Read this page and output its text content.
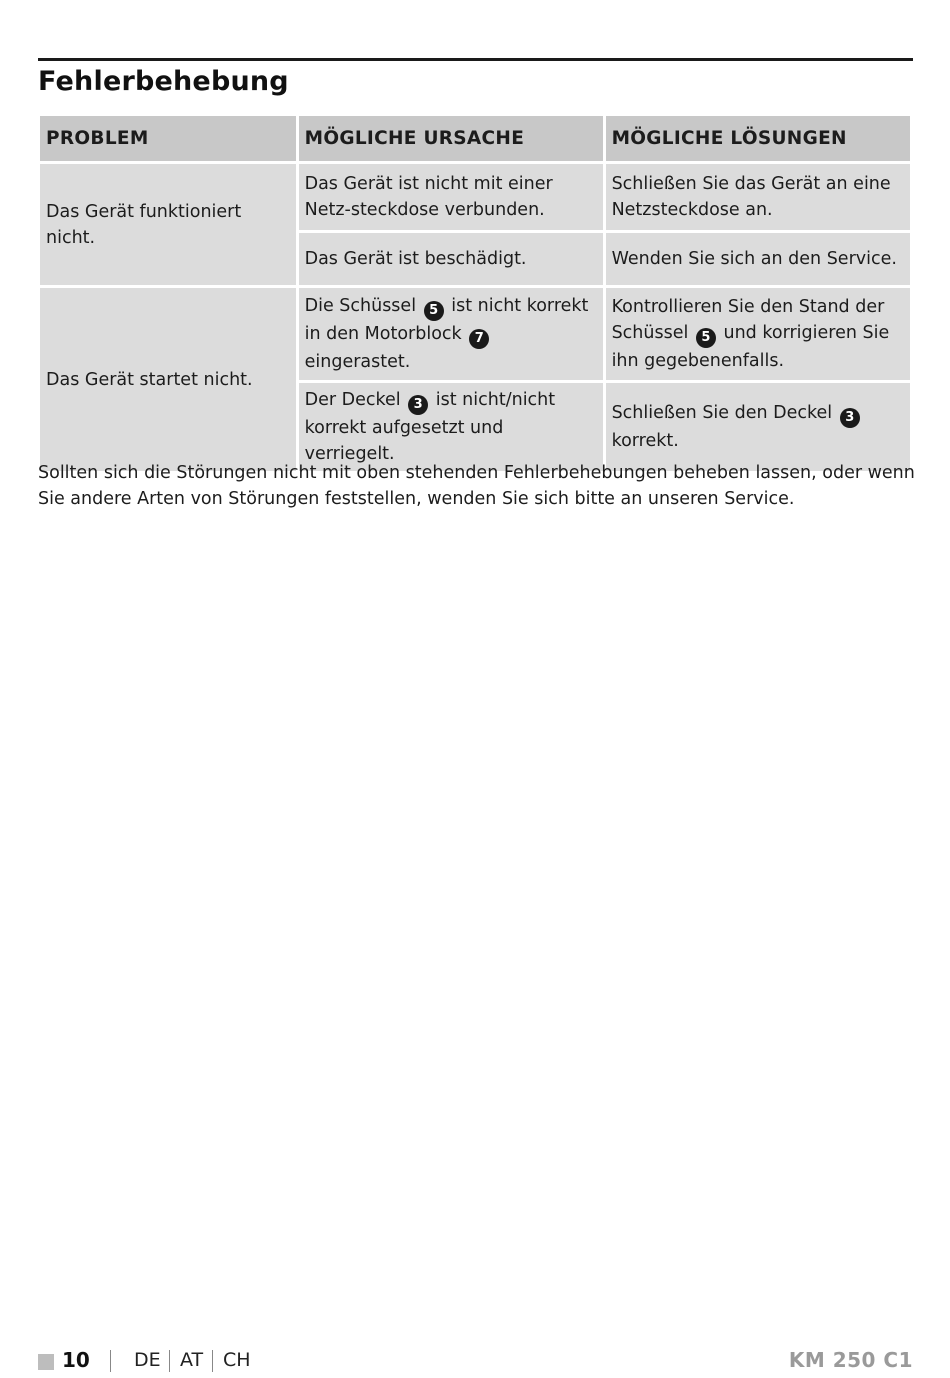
Fehlerbehebung
PROBLEM	MÖGLICHE URSACHE	MÖGLICHE LÖSUNGEN
Das Gerät funktioniert nicht.	Das Gerät ist nicht mit einer Netz-steckdose verbunden.	Schließen Sie das Gerät an eine Netzsteckdose an.
	Das Gerät ist beschädigt.	Wenden Sie sich an den Service.
Das Gerät startet nicht.	Die Schüssel 5 ist nicht korrekt in den Motorblock 7 eingerastet.	Kontrollieren Sie den Stand der Schüssel 5 und korrigieren Sie ihn gegebenenfalls.
	Der Deckel 3 ist nicht/nicht korrekt aufgesetzt und verriegelt.	Schließen Sie den Deckel 3 korrekt.
Sollten sich die Störungen nicht mit oben stehenden Fehlerbehebungen beheben lassen, oder wenn Sie andere Arten von Störungen feststellen, wenden Sie sich bitte an unseren Service.
10 DE AT CH	KM 250 C1
